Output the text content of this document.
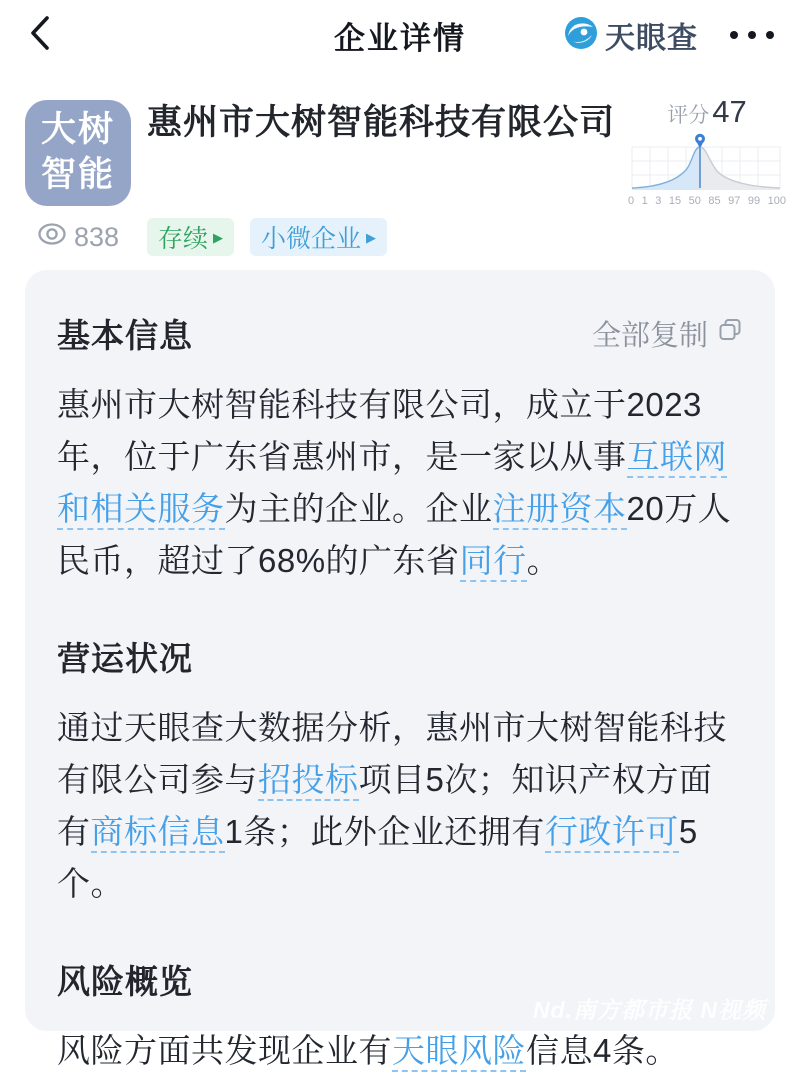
企业详情	天眼查
大树
智能
惠州市大树智能科技有限公司
838 存续 ▶ 小微企业 ▶
评分 47
0 1 3 15 50 85 97 99 100
基本信息	全部复制
惠州市大树智能科技有限公司，成立于2023年，位于广东省惠州市，是一家以从事互联网和相关服务为主的企业。企业注册资本20万人民币，超过了68%的广东省同行。
营运状况
通过天眼查大数据分析，惠州市大树智能科技有限公司参与招投标项目5次；知识产权方面有商标信息1条；此外企业还拥有行政许可5个。
风险概览
风险方面共发现企业有天眼风险信息4条。
Nd.南方都市报 N视频
